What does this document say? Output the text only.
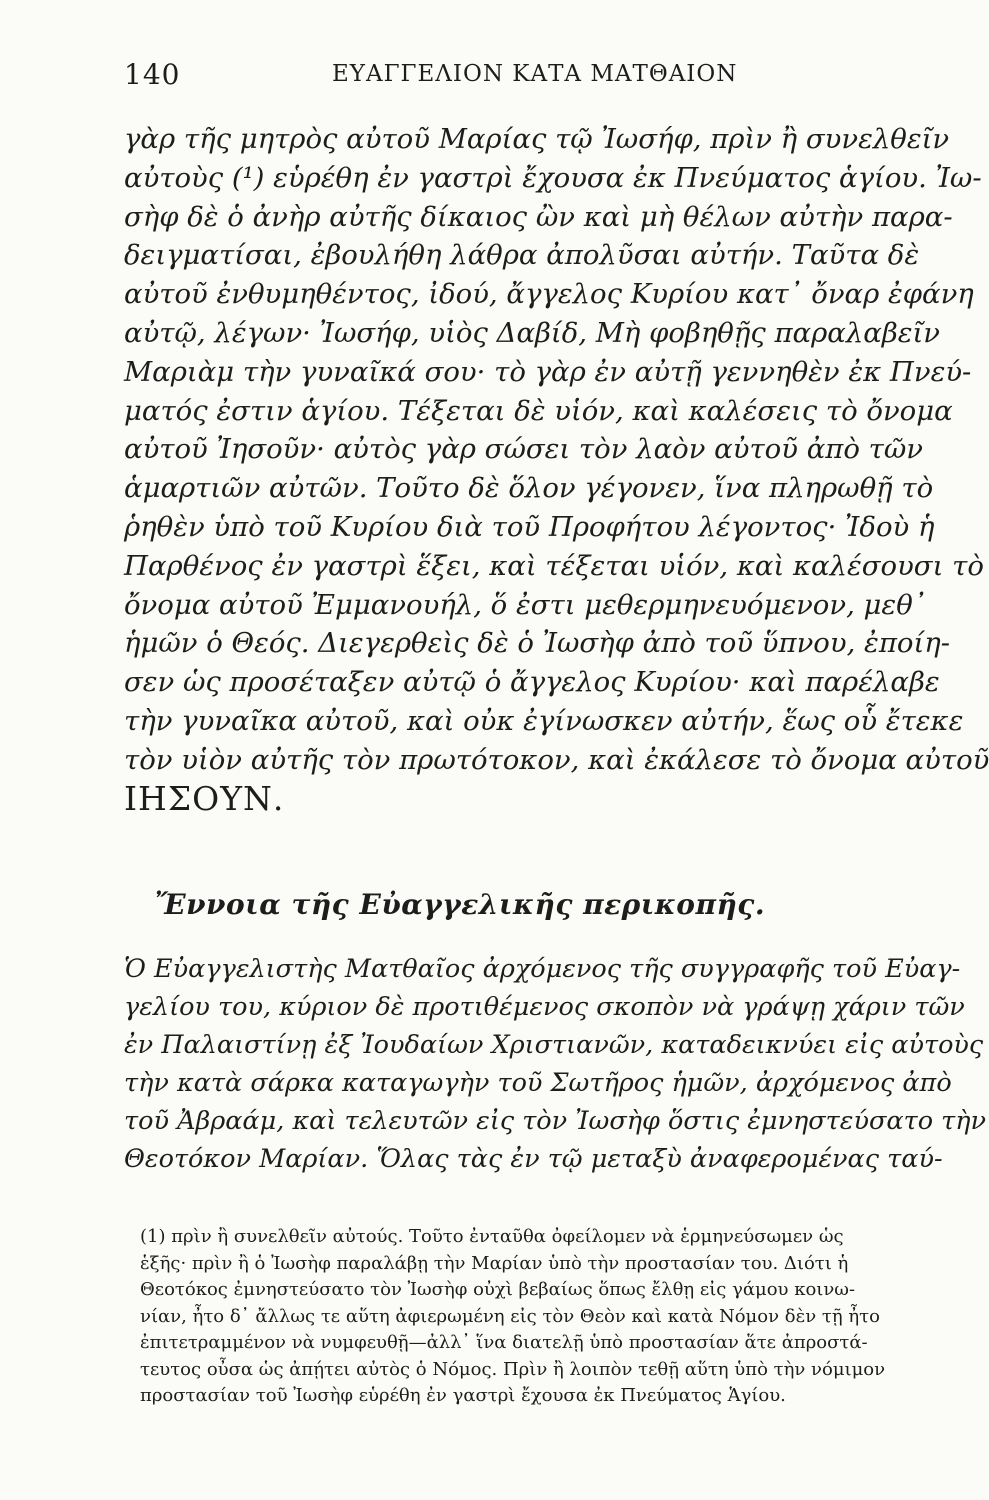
140	ΕΥΑΓΓΕΛΙΟΝ ΚΑΤΑ ΜΑΤΘΑΙΟΝ
γὰρ τῆς μητρὸς αὐτοῦ Μαρίας τῷ Ἰωσήφ, πρὶν ἢ συνελθεῖν
αὐτοὺς (¹) εὑρέθη ἐν γαστρὶ ἔχουσα ἐκ Πνεύματος ἁγίου. Ἰω-
σὴφ δὲ ὁ ἀνὴρ αὐτῆς δίκαιος ὢν καὶ μὴ θέλων αὐτὴν παρα-
δειγματίσαι, ἐβουλήθη λάθρα ἀπολῦσαι αὐτήν. Ταῦτα δὲ
αὐτοῦ ἐνθυμηθέντος, ἰδού, ἄγγελος Κυρίου κατ᾽ ὄναρ ἐφάνη
αὐτῷ, λέγων· Ἰωσήφ, υἱὸς Δαβίδ, Μὴ φοβηθῇς παραλαβεῖν
Μαριὰμ τὴν γυναῖκά σου· τὸ γὰρ ἐν αὐτῇ γεννηθὲν ἐκ Πνεύ-
ματός ἐστιν ἁγίου. Τέξεται δὲ υἱόν, καὶ καλέσεις τὸ ὄνομα
αὐτοῦ Ἰησοῦν· αὐτὸς γὰρ σώσει τὸν λαὸν αὐτοῦ ἀπὸ τῶν
ἁμαρτιῶν αὐτῶν. Τοῦτο δὲ ὅλον γέγονεν, ἵνα πληρωθῇ τὸ
ῥηθὲν ὑπὸ τοῦ Κυρίου διὰ τοῦ Προφήτου λέγοντος· Ἰδοὺ ἡ
Παρθένος ἐν γαστρὶ ἕξει, καὶ τέξεται υἱόν, καὶ καλέσουσι τὸ
ὄνομα αὐτοῦ Ἐμμανουήλ, ὅ ἐστι μεθερμηνευόμενον, μεθ᾽
ἡμῶν ὁ Θεός. Διεγερθεὶς δὲ ὁ Ἰωσὴφ ἀπὸ τοῦ ὕπνου, ἐποίη-
σεν ὡς προσέταξεν αὐτῷ ὁ ἄγγελος Κυρίου· καὶ παρέλαβε
τὴν γυναῖκα αὐτοῦ, καὶ οὐκ ἐγίνωσκεν αὐτήν, ἕως οὗ ἔτεκε
τὸν υἱὸν αὐτῆς τὸν πρωτότοκον, καὶ ἐκάλεσε τὸ ὄνομα αὐτοῦ
ΙΗΣΟΥΝ.
Ἔννοια τῆς Εὐαγγελικῆς περικοπῆς.
Ὁ Εὐαγγελιστὴς Ματθαῖος ἀρχόμενος τῆς συγγραφῆς τοῦ Εὐαγ-
γελίου του, κύριον δὲ προτιθέμενος σκοπὸν νὰ γράψῃ χάριν τῶν
ἐν Παλαιστίνῃ ἐξ Ἰουδαίων Χριστιανῶν, καταδεικνύει εἰς αὐτοὺς
τὴν κατὰ σάρκα καταγωγὴν τοῦ Σωτῆρος ἡμῶν, ἀρχόμενος ἀπὸ
τοῦ Ἀβραάμ, καὶ τελευτῶν εἰς τὸν Ἰωσὴφ ὅστις ἐμνηστεύσατο τὴν
Θεοτόκον Μαρίαν. Ὅλας τὰς ἐν τῷ μεταξὺ ἀναφερομένας ταύ-
(1) πρὶν ἢ συνελθεῖν αὐτούς. Τοῦτο ἐνταῦθα ὀφείλομεν νὰ ἑρμηνεύσωμεν ὡς
ἑξῆς· πρὶν ἢ ὁ Ἰωσὴφ παραλάβῃ τὴν Μαρίαν ὑπὸ τὴν προστασίαν του. Διότι ἡ
Θεοτόκος ἐμνηστεύσατο τὸν Ἰωσὴφ οὐχὶ βεβαίως ὅπως ἔλθῃ εἰς γάμου κοινω-
νίαν, ἦτο δ᾽ ἄλλως τε αὕτη ἀφιερωμένη εἰς τὸν Θεὸν καὶ κατὰ Νόμον δὲν τῇ ἦτο
ἐπιτετραμμένον νὰ νυμφευθῇ—ἀλλ᾽ ἵνα διατελῇ ὑπὸ προστασίαν ἅτε ἀπροστά-
τευτος οὖσα ὡς ἀπῄτει αὐτὸς ὁ Νόμος. Πρὶν ἢ λοιπὸν τεθῇ αὕτη ὑπὸ τὴν νόμιμον
προστασίαν τοῦ Ἰωσὴφ εὑρέθη ἐν γαστρὶ ἔχουσα ἐκ Πνεύματος Ἁγίου.
